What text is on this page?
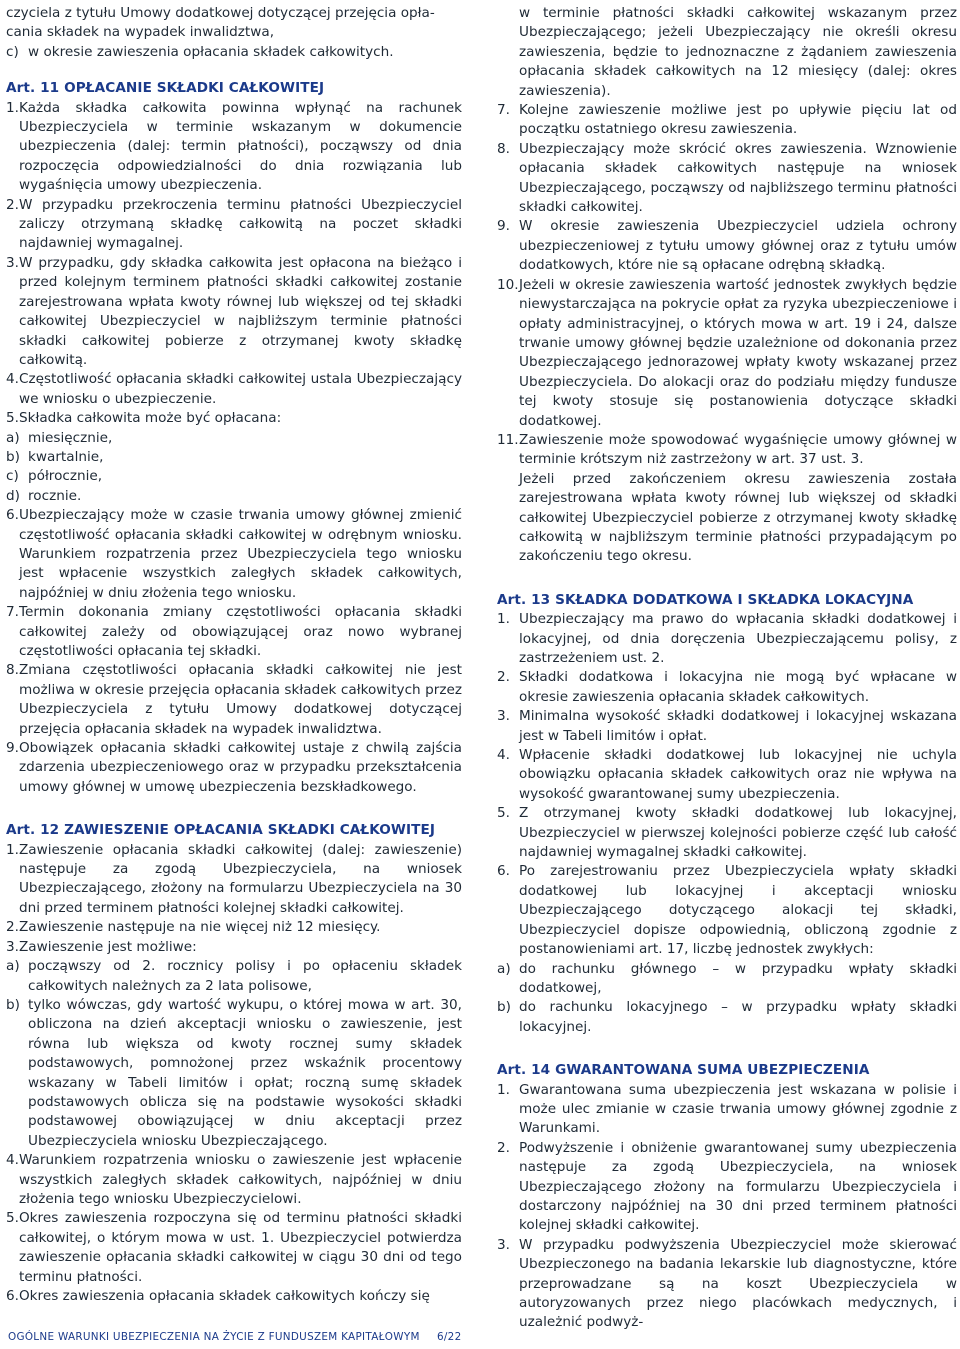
czyciela z tytułu Umowy dodatkowej dotyczącej przejęcia opła-

cania składek na wypadek inwalidztwa,

c) w okresie zawieszenia opłacania składek całkowitych.

Art. 11 OPŁACANIE SKŁADKI CAŁKOWITEJ

1. Każda składka całkowita powinna wpłynąć na rachunek Ubezpieczyciela w terminie wskazanym w dokumencie ubezpieczenia (dalej: termin płatności), począwszy od dnia rozpoczęcia odpowiedzialności do dnia rozwiązania lub wygaśnięcia umowy ubezpieczenia.
2. W przypadku przekroczenia terminu płatności Ubezpieczyciel zaliczy otrzymaną składkę całkowitą na poczet składki najdawniej wymagalnej.
3. W przypadku, gdy składka całkowita jest opłacona na bieżąco i przed kolejnym terminem płatności składki całkowitej zostanie zarejestrowana wpłata kwoty równej lub większej od tej składki całkowitej Ubezpieczyciel w najbliższym terminie płatności składki całkowitej pobierze z otrzymanej kwoty składkę całkowitą.
4. Częstotliwość opłacania składki całkowitej ustala Ubezpieczający we wniosku o ubezpieczenie.
5. Składka całkowita może być opłacana:
a) miesięcznie,
b) kwartalnie,
c) półrocznie,
d) rocznie.
6. Ubezpieczający może w czasie trwania umowy głównej zmienić częstotliwość opłacania składki całkowitej w odrębnym wniosku. Warunkiem rozpatrzenia przez Ubezpieczyciela tego wniosku jest wpłacenie wszystkich zaległych składek całkowitych, najpóźniej w dniu złożenia tego wniosku.
7. Termin dokonania zmiany częstotliwości opłacania składki całkowitej zależy od obowiązującej oraz nowo wybranej częstotliwości opłacania tej składki.
8. Zmiana częstotliwości opłacania składki całkowitej nie jest możliwa w okresie przejęcia opłacania składek całkowitych przez Ubezpieczyciela z tytułu Umowy dodatkowej dotyczącej przejęcia opłacania składek na wypadek inwalidztwa.
9. Obowiązek opłacania składki całkowitej ustaje z chwilą zajścia zdarzenia ubezpieczeniowego oraz w przypadku przekształcenia umowy głównej w umowę ubezpieczenia bezskładkowego.

Art. 12 ZAWIESZENIE OPŁACANIA SKŁADKI CAŁKOWITEJ

1. Zawieszenie opłacania składki całkowitej (dalej: zawieszenie) następuje za zgodą Ubezpieczyciela, na wniosek Ubezpieczającego, złożony na formularzu Ubezpieczyciela na 30 dni przed terminem płatności kolejnej składki całkowitej.
2. Zawieszenie następuje na nie więcej niż 12 miesięcy.
3. Zawieszenie jest możliwe:
a) począwszy od 2. rocznicy polisy i po opłaceniu składek całkowitych należnych za 2 lata polisowe,
b) tylko wówczas, gdy wartość wykupu, o której mowa w art. 30, obliczona na dzień akceptacji wniosku o zawieszenie, jest równa lub większa od kwoty rocznej sumy składek podstawowych, pomnożonej przez wskaźnik procentowy wskazany w Tabeli limitów i opłat; roczną sumę składek podstawowych oblicza się na podstawie wysokości składki podstawowej obowiązującej w dniu akceptacji przez Ubezpieczyciela wniosku Ubezpieczającego.
4. Warunkiem rozpatrzenia wniosku o zawieszenie jest wpłacenie wszystkich zaległych składek całkowitych, najpóźniej w dniu złożenia tego wniosku Ubezpieczycielowi.
5. Okres zawieszenia rozpoczyna się od terminu płatności składki całkowitej, o którym mowa w ust. 1. Ubezpieczyciel potwierdza zawieszenie opłacania składki całkowitej w ciągu 30 dni od tego terminu płatności.
6. Okres zawieszenia opłacania składek całkowitych kończy się
w terminie płatności składki całkowitej wskazanym przez Ubezpieczającego; jeżeli Ubezpieczający nie określi okresu zawieszenia, będzie to jednoznaczne z żądaniem zawieszenia opłacania składek całkowitych na 12 miesięcy (dalej: okres zawieszenia).
7. Kolejne zawieszenie możliwe jest po upływie pięciu lat od początku ostatniego okresu zawieszenia.
8. Ubezpieczający może skrócić okres zawieszenia. Wznowienie opłacania składek całkowitych następuje na wniosek Ubezpieczającego, począwszy od najbliższego terminu płatności składki całkowitej.
9. W okresie zawieszenia Ubezpieczyciel udziela ochrony ubezpieczeniowej z tytułu umowy głównej oraz z tytułu umów dodatkowych, które nie są opłacane odrębną składką.
10. Jeżeli w okresie zawieszenia wartość jednostek zwykłych będzie niewystarczająca na pokrycie opłat za ryzyka ubezpieczeniowe i opłaty administracyjnej, o których mowa w art. 19 i 24, dalsze trwanie umowy głównej będzie uzależnione od dokonania przez Ubezpieczającego jednorazowej wpłaty kwoty wskazanej przez Ubezpieczyciela. Do alokacji oraz do podziału między fundusze tej kwoty stosuje się postanowienia dotyczące składki dodatkowej.
11. Zawieszenie może spowodować wygaśnięcie umowy głównej w terminie krótszym niż zastrzeżony w art. 37 ust. 3.
Jeżeli przed zakończeniem okresu zawieszenia została zarejestrowana wpłata kwoty równej lub większej od składki całkowitej Ubezpieczyciel pobierze z otrzymanej kwoty składkę całkowitą w najbliższym terminie płatności przypadającym po zakończeniu tego okresu.

Art. 13 SKŁADKA DODATKOWA I SKŁADKA LOKACYJNA

1. Ubezpieczający ma prawo do wpłacania składki dodatkowej i lokacyjnej, od dnia doręczenia Ubezpieczającemu polisy, z zastrzeżeniem ust. 2.
2. Składki dodatkowa i lokacyjna nie mogą być wpłacane w okresie zawieszenia opłacania składek całkowitych.
3. Minimalna wysokość składki dodatkowej i lokacyjnej wskazana jest w Tabeli limitów i opłat.
4. Wpłacenie składki dodatkowej lub lokacyjnej nie uchyla obowiązku opłacania składek całkowitych oraz nie wpływa na wysokość gwarantowanej sumy ubezpieczenia.
5. Z otrzymanej kwoty składki dodatkowej lub lokacyjnej, Ubezpieczyciel w pierwszej kolejności pobierze część lub całość najdawniej wymagalnej składki całkowitej.
6. Po zarejestrowaniu przez Ubezpieczyciela wpłaty składki dodatkowej lub lokacyjnej i akceptacji wniosku Ubezpieczającego dotyczącego alokacji tej składki, Ubezpieczyciel dopisze odpowiednią, obliczoną zgodnie z postanowieniami art. 17, liczbę jednostek zwykłych:
a) do rachunku głównego – w przypadku wpłaty składki dodatkowej,
b) do rachunku lokacyjnego – w przypadku wpłaty składki lokacyjnej.

Art. 14 GWARANTOWANA SUMA UBEZPIECZENIA

1. Gwarantowana suma ubezpieczenia jest wskazana w polisie i może ulec zmianie w czasie trwania umowy głównej zgodnie z Warunkami.
2. Podwyższenie i obniżenie gwarantowanej sumy ubezpieczenia następuje za zgodą Ubezpieczyciela, na wniosek Ubezpieczającego złożony na formularzu Ubezpieczyciela i dostarczony najpóźniej na 30 dni przed terminem płatności kolejnej składki całkowitej.
3. W przypadku podwyższenia Ubezpieczyciel może skierować Ubezpieczonego na badania lekarskie lub diagnostyczne, które przeprowadzane są na koszt Ubezpieczyciela w autoryzowanych przez niego placówkach medycznych, i uzależnić podwyż-
OGÓLNE WARUNKI UBEZPIECZENIA NA ŻYCIE Z FUNDUSZEM KAPITAŁOWYM 6/22
